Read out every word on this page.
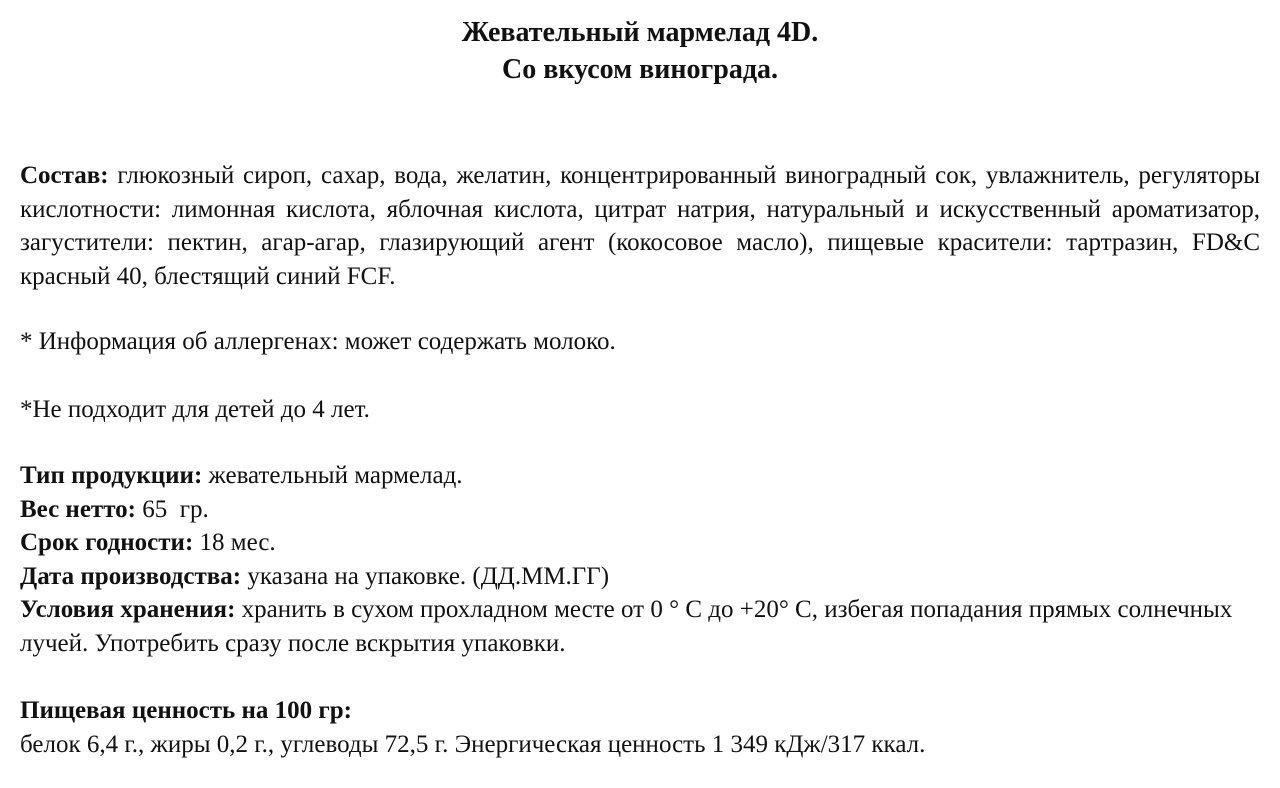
Жевательный мармелад 4D.
Со вкусом винограда.
Состав: глюкозный сироп, сахар, вода, желатин, концентрированный виноградный сок, увлажнитель, регуляторы кислотности: лимонная кислота, яблочная кислота, цитрат натрия, натуральный и искусственный ароматизатор, загустители: пектин, агар-агар, глазирующий агент (кокосовое масло), пищевые красители: тартразин, FD&C красный 40, блестящий синий FCF.
* Информация об аллергенах: может содержать молоко.
*Не подходит для детей до 4 лет.
Тип продукции: жевательный мармелад.
Вес нетто: 65  гр.
Срок годности: 18 мес.
Дата производства: указана на упаковке. (ДД.ММ.ГГ)
Условия хранения: хранить в сухом прохладном месте от 0 ° С до +20° C, избегая попадания прямых солнечных лучей. Употребить сразу после вскрытия упаковки.
Пищевая ценность на 100 гр:
белок 6,4 г., жиры 0,2 г., углеводы 72,5 г. Энергическая ценность 1 349 кДж/317 ккал.
